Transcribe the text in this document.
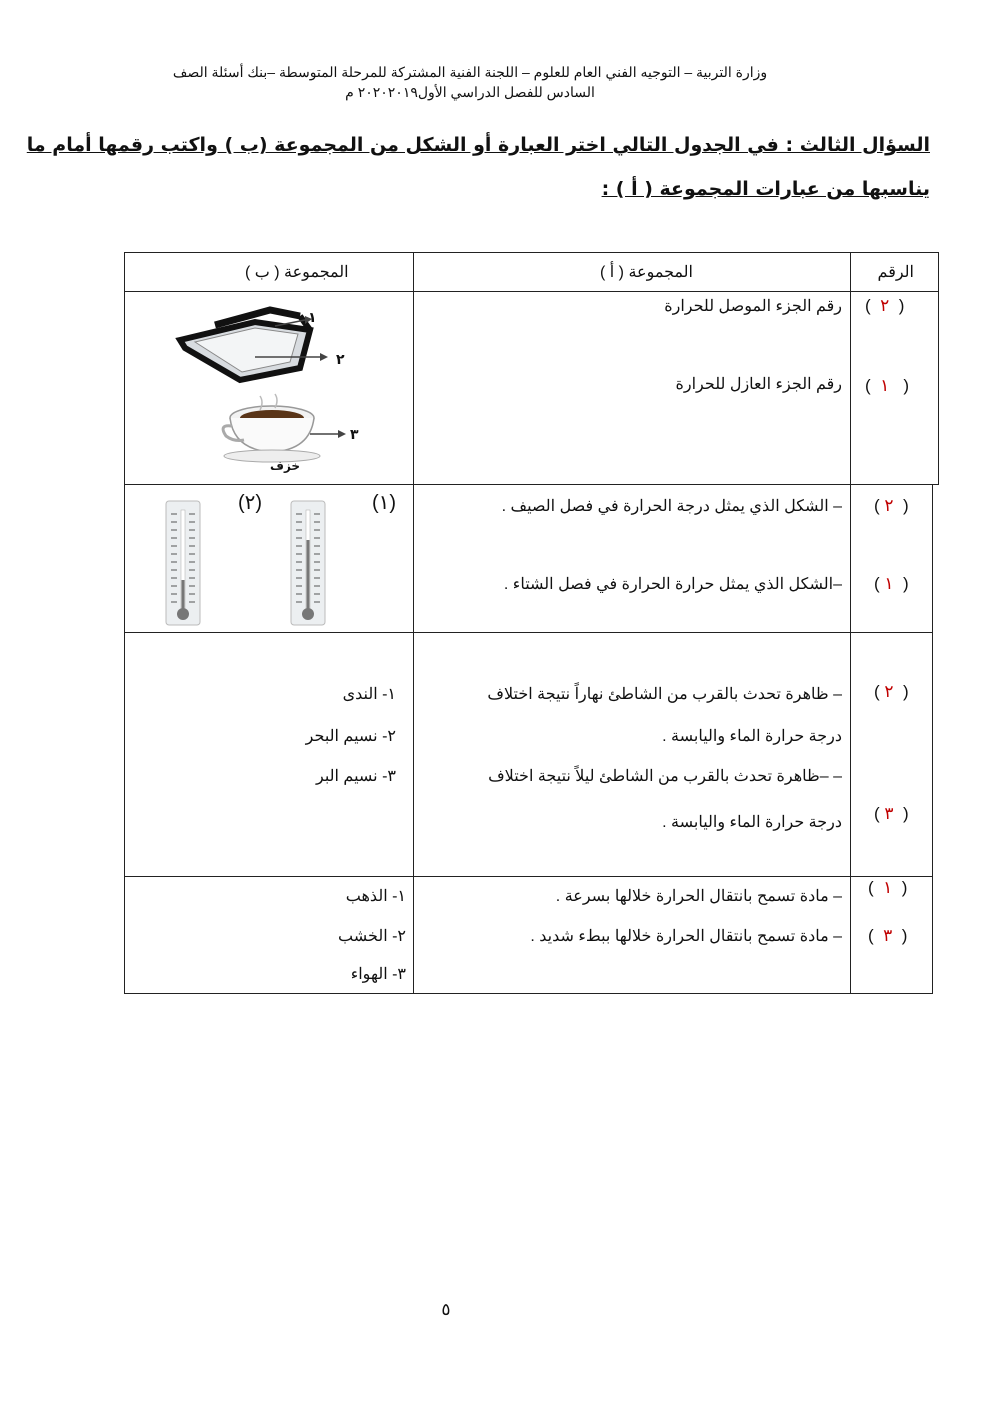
وزارة التربية – التوجيه الفني العام للعلوم – اللجنة الفنية المشتركة للمرحلة المتوسطة –بنك أسئلة الصف
السادس للفصل الدراسي الأول٢٠٢٠٢٠١٩ م
السؤال الثالث : في الجدول التالي اختر العبارة أو الشكل من المجموعة (ب ) واكتب رقمها أمام ما
يناسبها من عبارات المجموعة ( أ ) :
الرقم
المجموعة ( أ )
المجموعة ( ب )
(  ٢  )
(   ١  )
رقم الجزء الموصل للحرارة
رقم الجزء العازل للحرارة
١
٢
٣
خزف
(  ٢ )
(  ١ )
– الشكل الذي يمثل درجة الحرارة في فصل الصيف .
–الشكل الذي يمثل حرارة الحرارة في فصل الشتاء .
(١)
(٢)
(  ٢ )
(  ٣ )
– ظاهرة تحدث بالقرب من الشاطئ نهاراً نتيجة اختلاف
درجة حرارة الماء واليابسة .
– –ظاهرة تحدث بالقرب من الشاطئ ليلاً نتيجة اختلاف
درجة حرارة الماء واليابسة .
١- الندى
٢- نسيم البحر
٣- نسيم البر
(  ١  )
(  ٣  )
– مادة تسمح بانتقال الحرارة خلالها بسرعة .
– مادة تسمح بانتقال الحرارة خلالها ببطء شديد .
١- الذهب
٢- الخشب
٣- الهواء
٥
